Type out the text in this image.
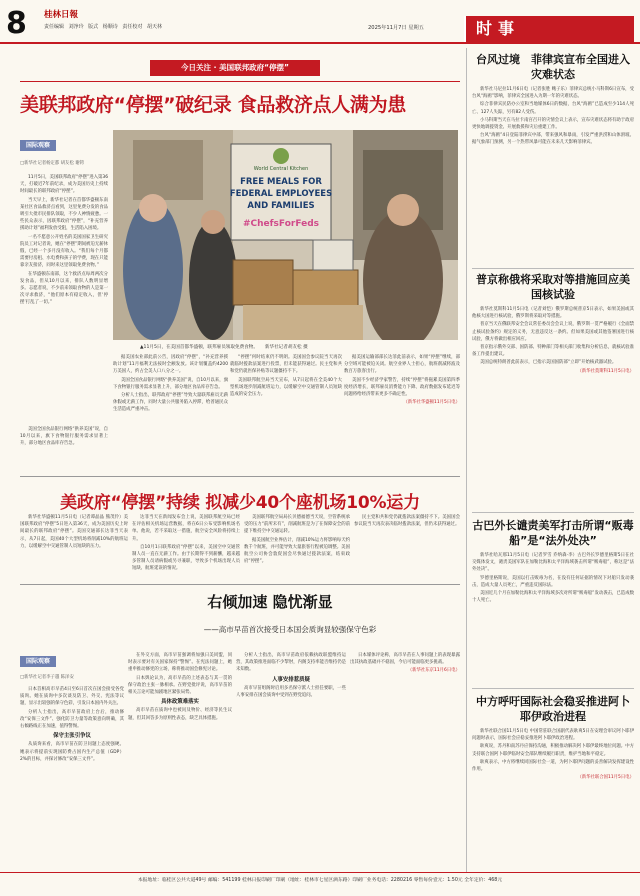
8 桂林日報
责任编辑 刘净玲 版式 杨顺诗 责任校对 胡天林	2025年11月7日 星期五	时事
今日关注 · 美国联邦政府“停摆”
美联邦政府“停摆”破纪录 食品救济点人满为患
国际观察
□新华社记者杨定都 胡友松 谢锷

11月5日，美国联邦政府“停摆”进入第36天，打破近7年前纪录，成为美国历史上持续时间最长的联邦政府“停摆”。

当天早上，新华社记者在首都华盛顿东南某社区食品救济点看到，这里免费分发的食品吸引大批市民排队领取，不少人神情疲惫。一些民众表示，因联邦政府“停摆”，“补充营养援助计划”福利发放受阻，生活陷入困境。

一名不愿意公开姓名的美国国家卫生研究院员工对记者说，她在“停摆”期间被迫无薪休假，已经一个多月没有收入。“我们每个月都需要付房租、水电费和孩子的学费，现在只能靠亲友接济，同时来这里领取免费食物。”

在华盛顿东南部，这个救济点每周两次分发食品，但从10月以来，排队人数明显增多。志愿者说，不少前来领取食物的人是第一次寻求救济，“他们原本有稳定收入，但‘停摆’打乱了一切。”

World Central Kitchen
FREE MEALS FOR
FEDERAL EMPLOYEES
AND FAMILIES
#ChefsForFeds
▲11月5日，在美国首都华盛顿，联邦雇员领取免费食物。　　 新华社记者胡友松 摄

据美国农业部此前公告，因政府“停摆”，“补充营养援助计划”11月福利无法按时全额发放。该计划覆盖约4200万美国人，约占全美人口八分之一。

美国全国食品银行网络“供养美国”说，自10月以来，旗下食物银行服务需求显著上升，部分地区食品库存告急。

分析人士指出，联邦政府“停摆”导致大量联邦雇员无薪休假或无薪工作，同时大量公共服务陷入停滞，给普通民众生活造成严重冲击。

“停摆”何时结束仍不明朗。美国国会参议院当天再次就临时拨款法案进行投票，但未能获得通过。民主党和共和党仍就医保补贴等议题僵持不下。

美国联邦航空局当天宣布，从7日起将在全美40个大型机场逐步削减航班运力，以缓解空中交通管制人员短缺造成的安全压力。

据美国运输部部长达菲此前表示，如果“停摆”继续，部分空域可能被迫关闭。航空业界人士担心，航班削减将波及数百万旅客出行。

美国不少经济学家警告，持续“停摆”将拖累美国第四季度经济增长，联邦雇员消费能力下降、政府数据发布延迟等问题将给经济带来更多不确定性。

（新华社华盛顿11月5日电）

美国全国食品银行网络“供养美国”说，自10月以来，旗下食物银行服务需求显著上升，部分地区食品库存告急。

美政府“停摆”持续 拟减少40个座机场10%运力

新华社华盛顿11月5日电（记者谭晶晶 熊茂伶）美国联邦政府“停摆”5日进入第36天，成为美国历史上时间最长的联邦政府“停摆”。美国交通部长达菲当天表示，从7日起，美国40个大型机场将削减10%的航班运力，以缓解空中交通管制人员短缺的压力。

达菲当天在新闻发布会上说，美国联邦航空局已经在评估相关机场运营数据，将在6日公布受影响机场名单。他说，若不采取这一措施，航空安全风险将持续上升。

自10月1日联邦政府“停摆”以来，美国空中交通管制人员一直在无薪工作。由于长期得不到薪酬，越来越多管制人员请病假或另寻兼职，导致多个机场出现人员短缺、航班延误的情况。

美国联邦航空局局长贝德福德当天说，空管系统承受的压力“前所未有”，削减航班是为了在保障安全的前提下维持空中交通运转。

据美国航空业界估计，削减10%运力将影响每天约数千个航班，并可能导致大量旅客行程被迫调整。美国航空公司协会敦促国会尽快通过拨款法案，结束政府“停摆”。

民主党和共和党仍就拨款法案僵持不下。美国国会参议院当天再次表决临时拨款法案，但仍未获得通过。

右倾加速 隐忧渐显
——高市早苗首次接受日本国会质询显较强保守色彩
国际观察
□新华社记者李子越 陈泽安

日本首相高市早苗4日至6日首次在国会接受各党质询。她在质询中多次谈及防卫、外交、宪法等议题，显示出较强的保守色彩，引发日本国内外关注。

分析人士指出，高市早苗政府上台后，推动修改“安保三文件”、强化防卫力量等政策意向明确，其右倾路线正在加速，值得警惕。

保守主张引争议

从质询来看，高市早苗在防卫问题上态度强硬。她表示将提前实现国防费占国内生产总值（GDP）2%的目标，并探讨修改“安保三文件”。

在外交方面，高市早苗强调将加强日美同盟，同时表示要对有关国家保持“警惕”。在宪法问题上，她重申推动修宪的立场，称将推动国会修宪讨论。

日本舆论认为，高市早苗的上述表态与其一贯的保守政治主张一脉相承。在野党批评说，高市早苗的相关言论可能加剧地区紧张局势。

具体政策难落实

高市早苗在质询中也被问及物价、经济等民生议题，但其回答多为原则性表态，缺乏具体措施。

分析人士指出，高市早苗政府依赖执政联盟维持运营，其政策推进面临不少掣肘，内阁支持率能否维持仍是未知数。

人事安排惹质疑

高市早苗组阁时启用多名保守派人士担任要职，一些人事安排在国会质询中受到在野党追问。

日本媒体评论称，高市早苗在人事问题上的表现暴露出其执政基础并不稳固，今后可能面临更多挑战。

（新华社东京11月6日电）

台风过境　菲律宾宣布全国进入灾难状态

新华社马尼拉11月6日电（记者张胜 鲍子乐）菲律宾总统小马科斯6日宣布，受台风“海鸥”影响，菲律宾全国进入为期一年的灾难状态。

综合菲律宾民防办公室和当地媒体6日的数据，台风“海鸥”已造成至少114人死亡、127人失踪，另有82人受伤。

小马科斯当天在马拉卡南宫召开的灾情会议上表示，宣布灾难状态将有助于政府更快地调拨资金、开展救援和灾后重建工作。

台风“海鸥”4日登陆菲律宾中部，带来强风和暴雨，引发严重洪涝和山体滑坡。据气象部门预测，另一个热带风暴可能在未来几天影响菲律宾。

普京称俄将采取对等措施回应美国核试验

新华社莫斯科11月5日电（记者刘恺）俄罗斯总统普京5日表示，如果美国或其他核大国进行核试验，俄罗斯将采取对等措施。

普京当天在俄联邦安全会议常任委员会会议上说，俄罗斯一贯严格履行《全面禁止核试验条约》规定的义务，无意违反这一条约。但如果美国或其他签署国进行核试验，俄方将做出相应回应。

普京指示俄外交部、国防部、特种部门等相关部门收集和分析信息，就核试验准备工作提出建议。

美国总统特朗普此前表示，已指示美国国防部“立即”开始核武器试验。

（新华社莫斯科11月5日电）

古巴外长谴责美军打击所谓“贩毒船”是“法外处决”

新华社哈瓦那11月5日电（记者罗雪 乔纳森·李）古巴外长罗德里格斯5日在社交媒体发文，谴责美国军队在加勒比海和太平洋海域袭击所谓“贩毒船”，称这是“法外处决”。

罗德里格斯说，美国以打击贩毒为名，在没有任何证据的情况下对船只发动袭击，造成大量人员死亡，严重违反国际法。

美国近几个月在加勒比海和太平洋海域多次对所谓“贩毒船”发动袭击，已造成数十人死亡。

中方呼吁国际社会稳妥推进阿卜耶伊政治进程

新华社联合国11月5日电 中国常驻联合国副代表耿爽5日在安理会审议阿卜耶伊问题时表示，国际社会应稳妥推进阿卜耶伊政治进程。

耿爽说，苏丹和南苏丹应保持沟通，积极推动解决阿卜耶伊最终地位问题。中方支持联合国阿卜耶伊临时安全部队继续履行职责，维护当地和平稳定。

耿爽表示，中方将继续同国际社会一道，为阿卜耶伊问题的妥善解决发挥建设性作用。

（新华社联合国11月5日电）

本报地址：临桂区公共大道49号 邮编：541199 桂林日报印刷厂印刷（地址：桂林市七星区漓东路）印刷厂业务电话：2280216 零售每份壹元：1.50元 全年定价：468元
